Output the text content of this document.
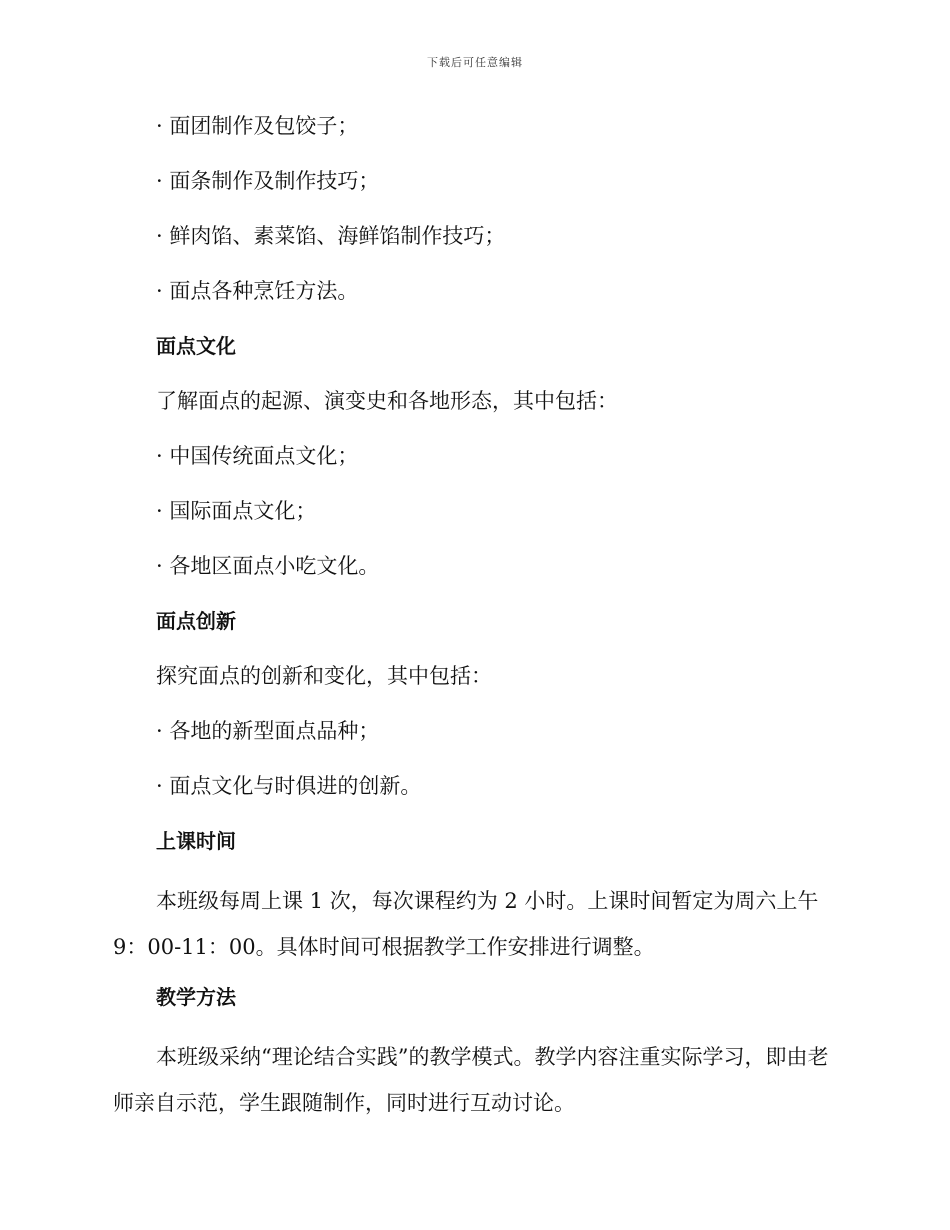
下载后可任意编辑
· 面团制作及包饺子；
· 面条制作及制作技巧；
· 鲜肉馅、素菜馅、海鲜馅制作技巧；
· 面点各种烹饪方法。
面点文化
了解面点的起源、演变史和各地形态，其中包括：
· 中国传统面点文化；
· 国际面点文化；
· 各地区面点小吃文化。
面点创新
探究面点的创新和变化，其中包括：
· 各地的新型面点品种；
· 面点文化与时俱进的创新。
上课时间
本班级每周上课 1 次，每次课程约为 2 小时。上课时间暂定为周六上午 9：00-11：00。具体时间可根据教学工作安排进行调整。
教学方法
本班级采纳“理论结合实践”的教学模式。教学内容注重实际学习，即由老师亲自示范，学生跟随制作，同时进行互动讨论。
